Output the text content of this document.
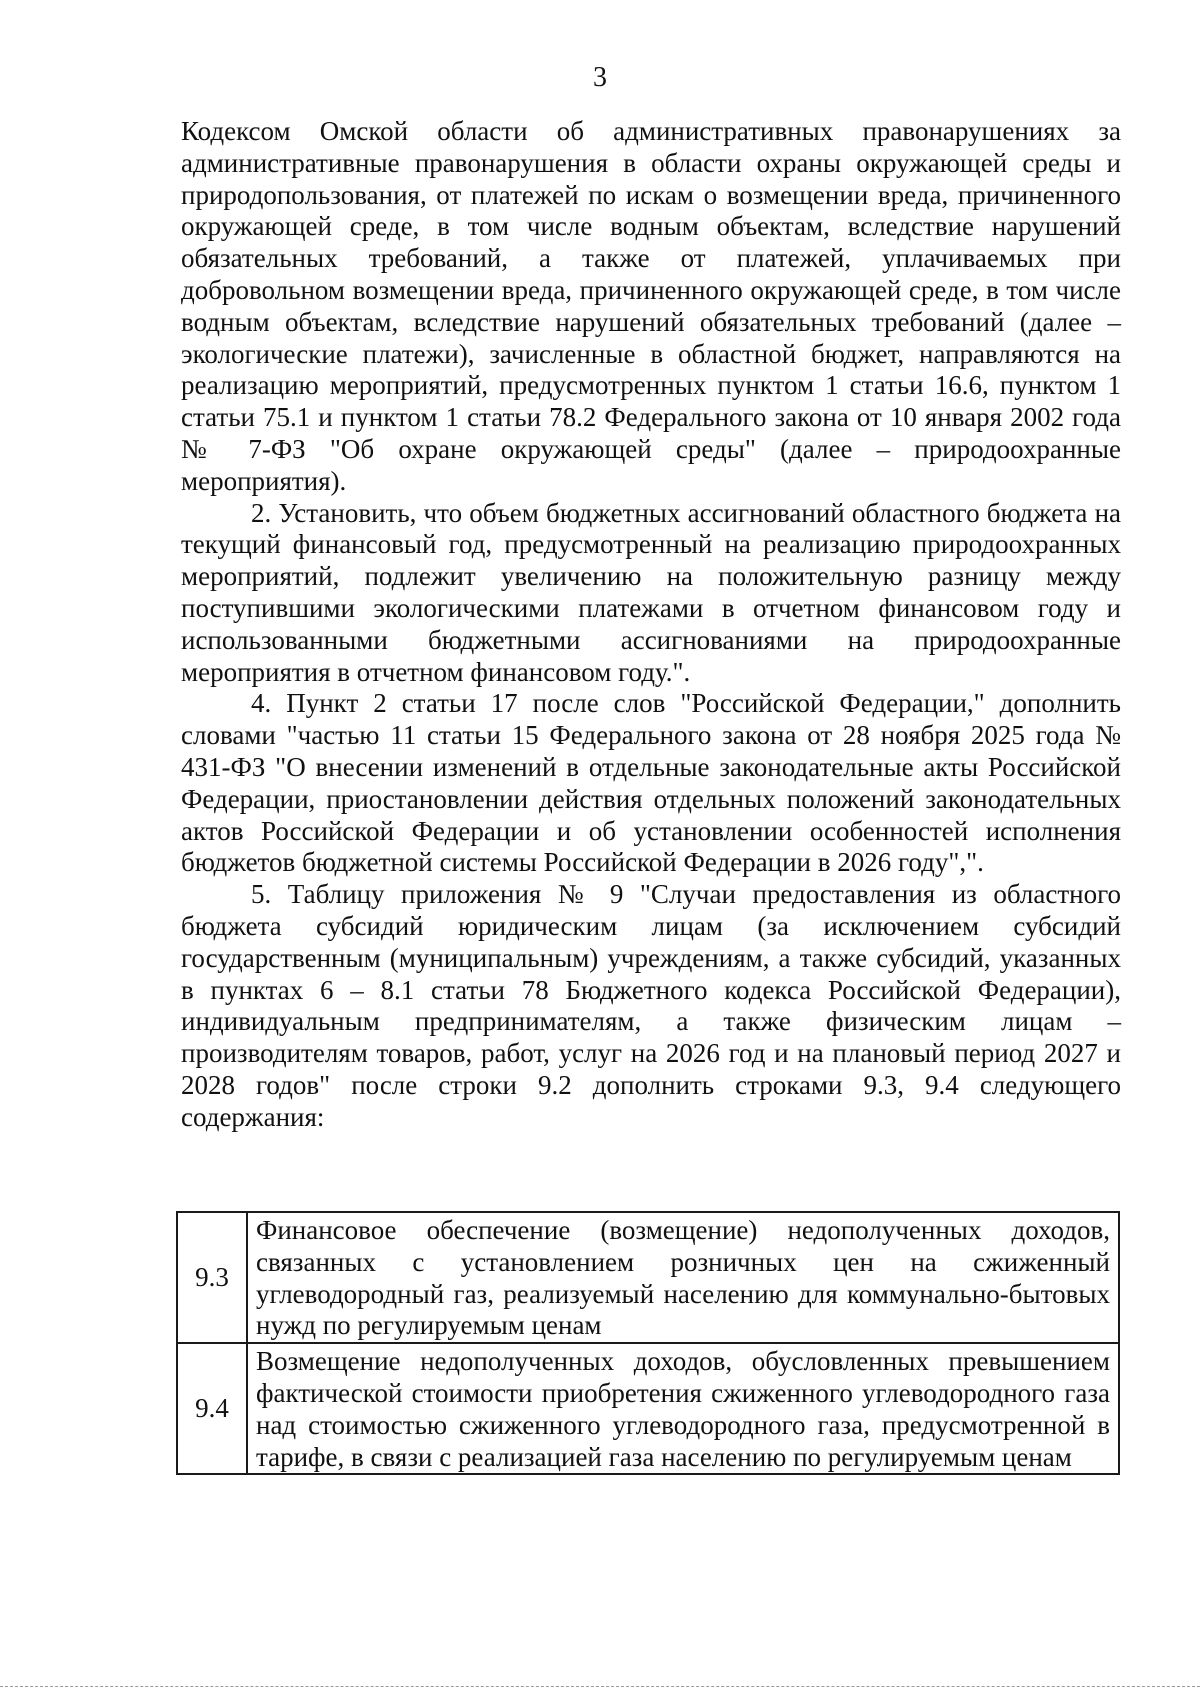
3

Кодексом Омской области об административных правонарушениях за административные правонарушения в области охраны окружающей среды и природопользования, от платежей по искам о возмещении вреда, причиненного окружающей среде, в том числе водным объектам, вследствие нарушений обязательных требований, а также от платежей, уплачиваемых при добровольном возмещении вреда, причиненного окружающей среде, в том числе водным объектам, вследствие нарушений обязательных требований (далее – экологические платежи), зачисленные в областной бюджет, направляются на реализацию мероприятий, предусмотренных пунктом 1 статьи 16.6, пунктом 1 статьи 75.1 и пунктом 1 статьи 78.2 Федерального закона от 10 января 2002 года № 7-ФЗ "Об охране окружающей среды" (далее – природоохранные мероприятия).

2. Установить, что объем бюджетных ассигнований областного бюджета на текущий финансовый год, предусмотренный на реализацию природоохранных мероприятий, подлежит увеличению на положительную разницу между поступившими экологическими платежами в отчетном финансовом году и использованными бюджетными ассигнованиями на природоохранные мероприятия в отчетном финансовом году.".

4. Пункт 2 статьи 17 после слов "Российской Федерации," дополнить словами "частью 11 статьи 15 Федерального закона от 28 ноября 2025 года № 431-ФЗ "О внесении изменений в отдельные законодательные акты Российской Федерации, приостановлении действия отдельных положений законодательных актов Российской Федерации и об установлении особенностей исполнения бюджетов бюджетной системы Российской Федерации в 2026 году",".

5. Таблицу приложения № 9 "Случаи предоставления из областного бюджета субсидий юридическим лицам (за исключением субсидий государственным (муниципальным) учреждениям, а также субсидий, указанных в пунктах 6 – 8.1 статьи 78 Бюджетного кодекса Российской Федерации), индивидуальным предпринимателям, а также физическим лицам – производителям товаров, работ, услуг на 2026 год и на плановый период 2027 и 2028 годов" после строки 9.2 дополнить строками 9.3, 9.4 следующего содержания:

9.3	Финансовое обеспечение (возмещение) недополученных доходов, связанных с установлением розничных цен на сжиженный углеводородный газ, реализуемый населению для коммунально-бытовых нужд по регулируемым ценам
9.4	Возмещение недополученных доходов, обусловленных превышением фактической стоимости приобретения сжиженного углеводородного газа над стоимостью сжиженного углеводородного газа, предусмотренной в тарифе, в связи с реализацией газа населению по регулируемым ценам
